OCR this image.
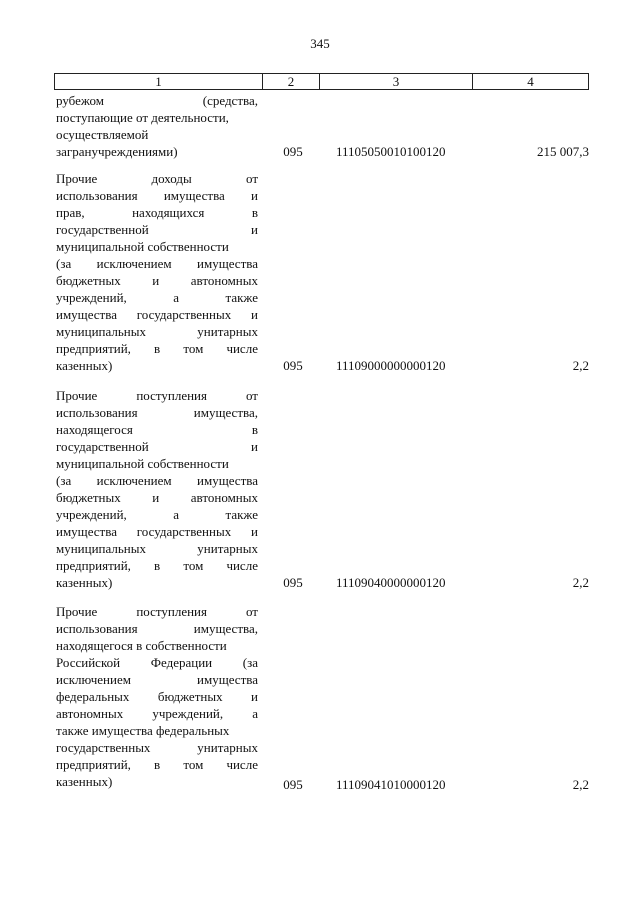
345
1	2	3	4
рубежом	(средства,
поступающие от деятельности,
осуществляемой
загранучреждениями)	095	11105050010100120	215 007,3
Прочие	доходы	от
использования имущества и
прав,	находящихся	в
государственной	и
муниципальной собственности
(за исключением имущества
бюджетных и автономных
учреждений,	а	также
имущества государственных и
муниципальных	унитарных
предприятий, в том числе
казенных)	095	11109000000000120	2,2
Прочие	поступления	от
использования	имущества,
находящегося	в
государственной	и
муниципальной собственности
(за исключением имущества
бюджетных и автономных
учреждений,	а	также
имущества государственных и
муниципальных	унитарных
предприятий, в том числе
казенных)	095	11109040000000120	2,2
Прочие	поступления	от
использования	имущества,
находящегося в собственности
Российской Федерации (за
исключением	имущества
федеральных бюджетных и
автономных учреждений, а
также имущества федеральных
государственных	унитарных
предприятий, в том числе
казенных)	095	11109041010000120	2,2
